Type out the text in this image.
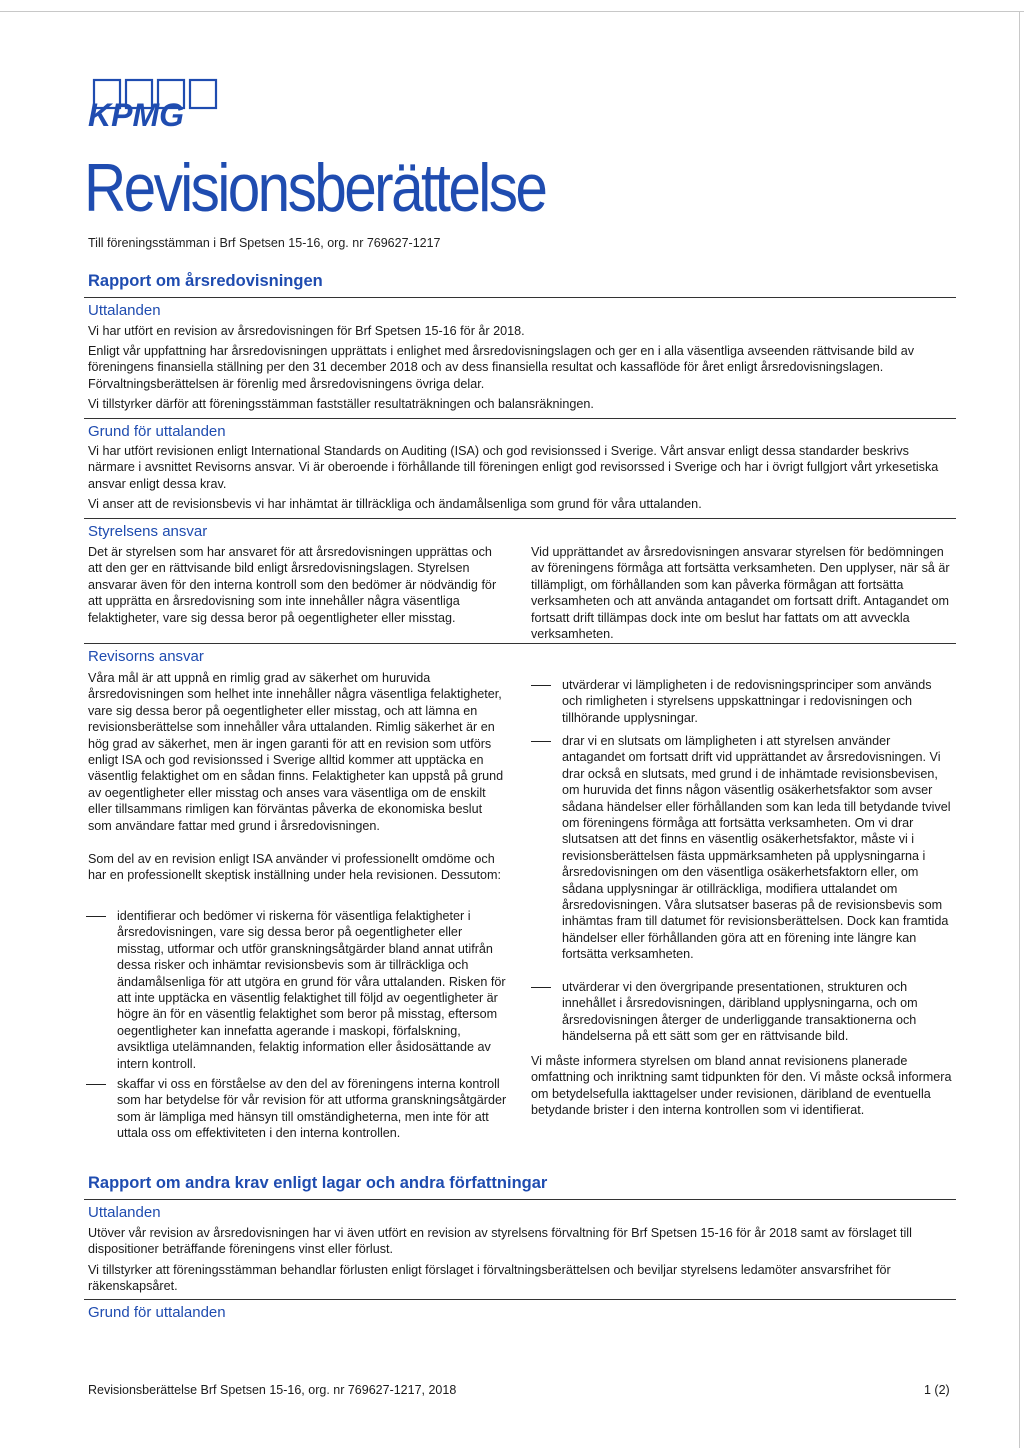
KPMG
Revisionsberättelse
Till föreningsstämman i Brf Spetsen 15-16, org. nr 769627-1217
Rapport om årsredovisningen
Uttalanden
Vi har utfört en revision av årsredovisningen för Brf Spetsen 15-16 för år 2018.
Enligt vår uppfattning har årsredovisningen upprättats i enlighet med årsredovisningslagen och ger en i alla väsentliga avseenden rättvisande bild av föreningens finansiella ställning per den 31 december 2018 och av dess finansiella resultat och kassaflöde för året enligt årsredovisningslagen. Förvaltningsberättelsen är förenlig med årsredovisningens övriga delar.
Vi tillstyrker därför att föreningsstämman fastställer resultaträkningen och balansräkningen.
Grund för uttalanden
Vi har utfört revisionen enligt International Standards on Auditing (ISA) och god revisionssed i Sverige. Vårt ansvar enligt dessa standarder beskrivs närmare i avsnittet Revisorns ansvar. Vi är oberoende i förhållande till föreningen enligt god revisorssed i Sverige och har i övrigt fullgjort vårt yrkesetiska ansvar enligt dessa krav.
Vi anser att de revisionsbevis vi har inhämtat är tillräckliga och ändamålsenliga som grund för våra uttalanden.
Styrelsens ansvar
Det är styrelsen som har ansvaret för att årsredovisningen upprättas och att den ger en rättvisande bild enligt årsredovisningslagen. Styrelsen ansvarar även för den interna kontroll som den bedömer är nödvändig för att upprätta en årsredovisning som inte innehåller några väsentliga felaktigheter, vare sig dessa beror på oegentligheter eller misstag.
Vid upprättandet av årsredovisningen ansvarar styrelsen för bedömningen av föreningens förmåga att fortsätta verksamheten. Den upplyser, när så är tillämpligt, om förhållanden som kan påverka förmågan att fortsätta verksamheten och att använda antagandet om fortsatt drift. Antagandet om fortsatt drift tillämpas dock inte om beslut har fattats om att avveckla verksamheten.
Revisorns ansvar
Våra mål är att uppnå en rimlig grad av säkerhet om huruvida årsredovisningen som helhet inte innehåller några väsentliga felaktigheter, vare sig dessa beror på oegentligheter eller misstag, och att lämna en revisionsberättelse som innehåller våra uttalanden. Rimlig säkerhet är en hög grad av säkerhet, men är ingen garanti för att en revision som utförs enligt ISA och god revisionssed i Sverige alltid kommer att upptäcka en väsentlig felaktighet om en sådan finns. Felaktigheter kan uppstå på grund av oegentligheter eller misstag och anses vara väsentliga om de enskilt eller tillsammans rimligen kan förväntas påverka de ekonomiska beslut som användare fattar med grund i årsredovisningen.
Som del av en revision enligt ISA använder vi professionellt omdöme och har en professionellt skeptisk inställning under hela revisionen. Dessutom:
identifierar och bedömer vi riskerna för väsentliga felaktigheter i årsredovisningen, vare sig dessa beror på oegentligheter eller misstag, utformar och utför granskningsåtgärder bland annat utifrån dessa risker och inhämtar revisionsbevis som är tillräckliga och ändamålsenliga för att utgöra en grund för våra uttalanden. Risken för att inte upptäcka en väsentlig felaktighet till följd av oegentligheter är högre än för en väsentlig felaktighet som beror på misstag, eftersom oegentligheter kan innefatta agerande i maskopi, förfalskning, avsiktliga utelämnanden, felaktig information eller åsidosättande av intern kontroll.
skaffar vi oss en förståelse av den del av föreningens interna kontroll som har betydelse för vår revision för att utforma granskningsåtgärder som är lämpliga med hänsyn till omständigheterna, men inte för att uttala oss om effektiviteten i den interna kontrollen.
utvärderar vi lämpligheten i de redovisningsprinciper som används och rimligheten i styrelsens uppskattningar i redovisningen och tillhörande upplysningar.
drar vi en slutsats om lämpligheten i att styrelsen använder antagandet om fortsatt drift vid upprättandet av årsredovisningen. Vi drar också en slutsats, med grund i de inhämtade revisionsbevisen, om huruvida det finns någon väsentlig osäkerhetsfaktor som avser sådana händelser eller förhållanden som kan leda till betydande tvivel om föreningens förmåga att fortsätta verksamheten. Om vi drar slutsatsen att det finns en väsentlig osäkerhetsfaktor, måste vi i revisionsberättelsen fästa uppmärksamheten på upplysningarna i årsredovisningen om den väsentliga osäkerhetsfaktorn eller, om sådana upplysningar är otillräckliga, modifiera uttalandet om årsredovisningen. Våra slutsatser baseras på de revisionsbevis som inhämtas fram till datumet för revisionsberättelsen. Dock kan framtida händelser eller förhållanden göra att en förening inte längre kan fortsätta verksamheten.
utvärderar vi den övergripande presentationen, strukturen och innehållet i årsredovisningen, däribland upplysningarna, och om årsredovisningen återger de underliggande transaktionerna och händelserna på ett sätt som ger en rättvisande bild.
Vi måste informera styrelsen om bland annat revisionens planerade omfattning och inriktning samt tidpunkten för den. Vi måste också informera om betydelsefulla iakttagelser under revisionen, däribland de eventuella betydande brister i den interna kontrollen som vi identifierat.
Rapport om andra krav enligt lagar och andra författningar
Uttalanden
Utöver vår revision av årsredovisningen har vi även utfört en revision av styrelsens förvaltning för Brf Spetsen 15-16 för år 2018 samt av förslaget till dispositioner beträffande föreningens vinst eller förlust.
Vi tillstyrker att föreningsstämman behandlar förlusten enligt förslaget i förvaltningsberättelsen och beviljar styrelsens ledamöter ansvarsfrihet för räkenskapsåret.
Grund för uttalanden
Revisionsberättelse Brf Spetsen 15-16, org. nr 769627-1217, 2018	1 (2)
